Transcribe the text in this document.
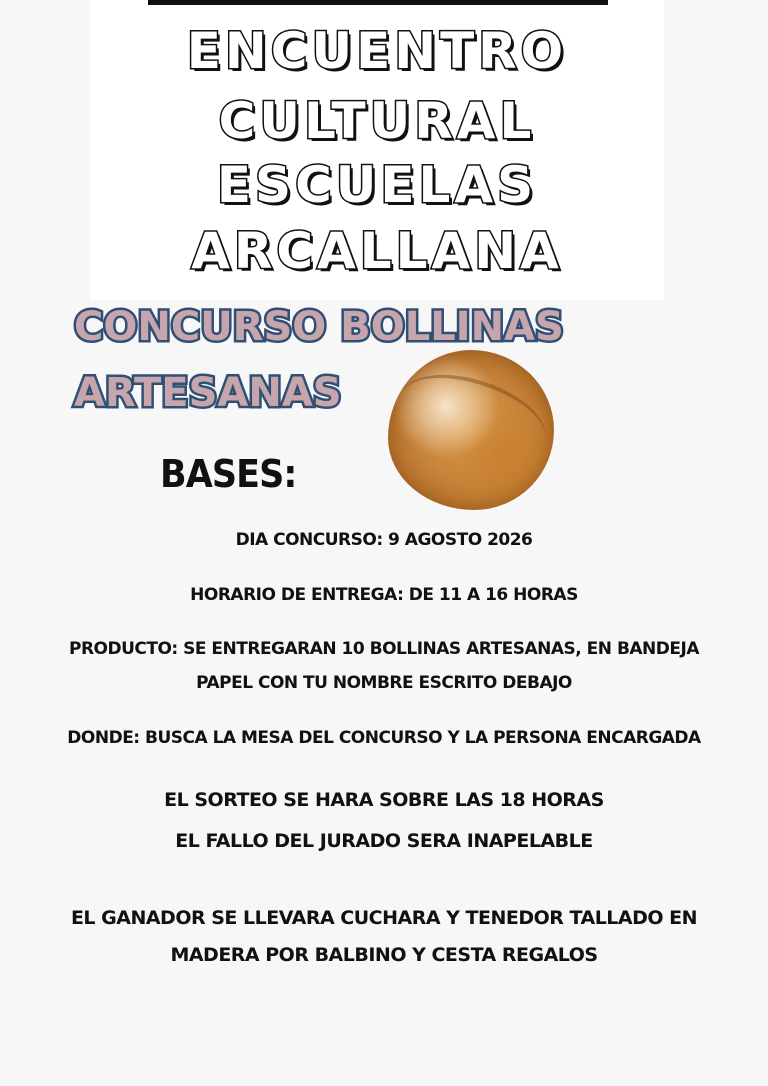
ENCUENTRO
CULTURAL
ESCUELAS
ARCALLANA
CONCURSO BOLLINAS
ARTESANAS
BASES:
DIA CONCURSO: 9 AGOSTO 2026
HORARIO DE ENTREGA: DE 11 A 16 HORAS
PRODUCTO: SE ENTREGARAN 10 BOLLINAS ARTESANAS, EN BANDEJA
PAPEL CON TU NOMBRE ESCRITO DEBAJO
DONDE: BUSCA LA MESA DEL CONCURSO Y LA PERSONA ENCARGADA
EL SORTEO SE HARA SOBRE LAS 18 HORAS
EL FALLO DEL JURADO SERA INAPELABLE
EL GANADOR SE LLEVARA CUCHARA Y TENEDOR TALLADO EN
MADERA POR BALBINO Y CESTA REGALOS
